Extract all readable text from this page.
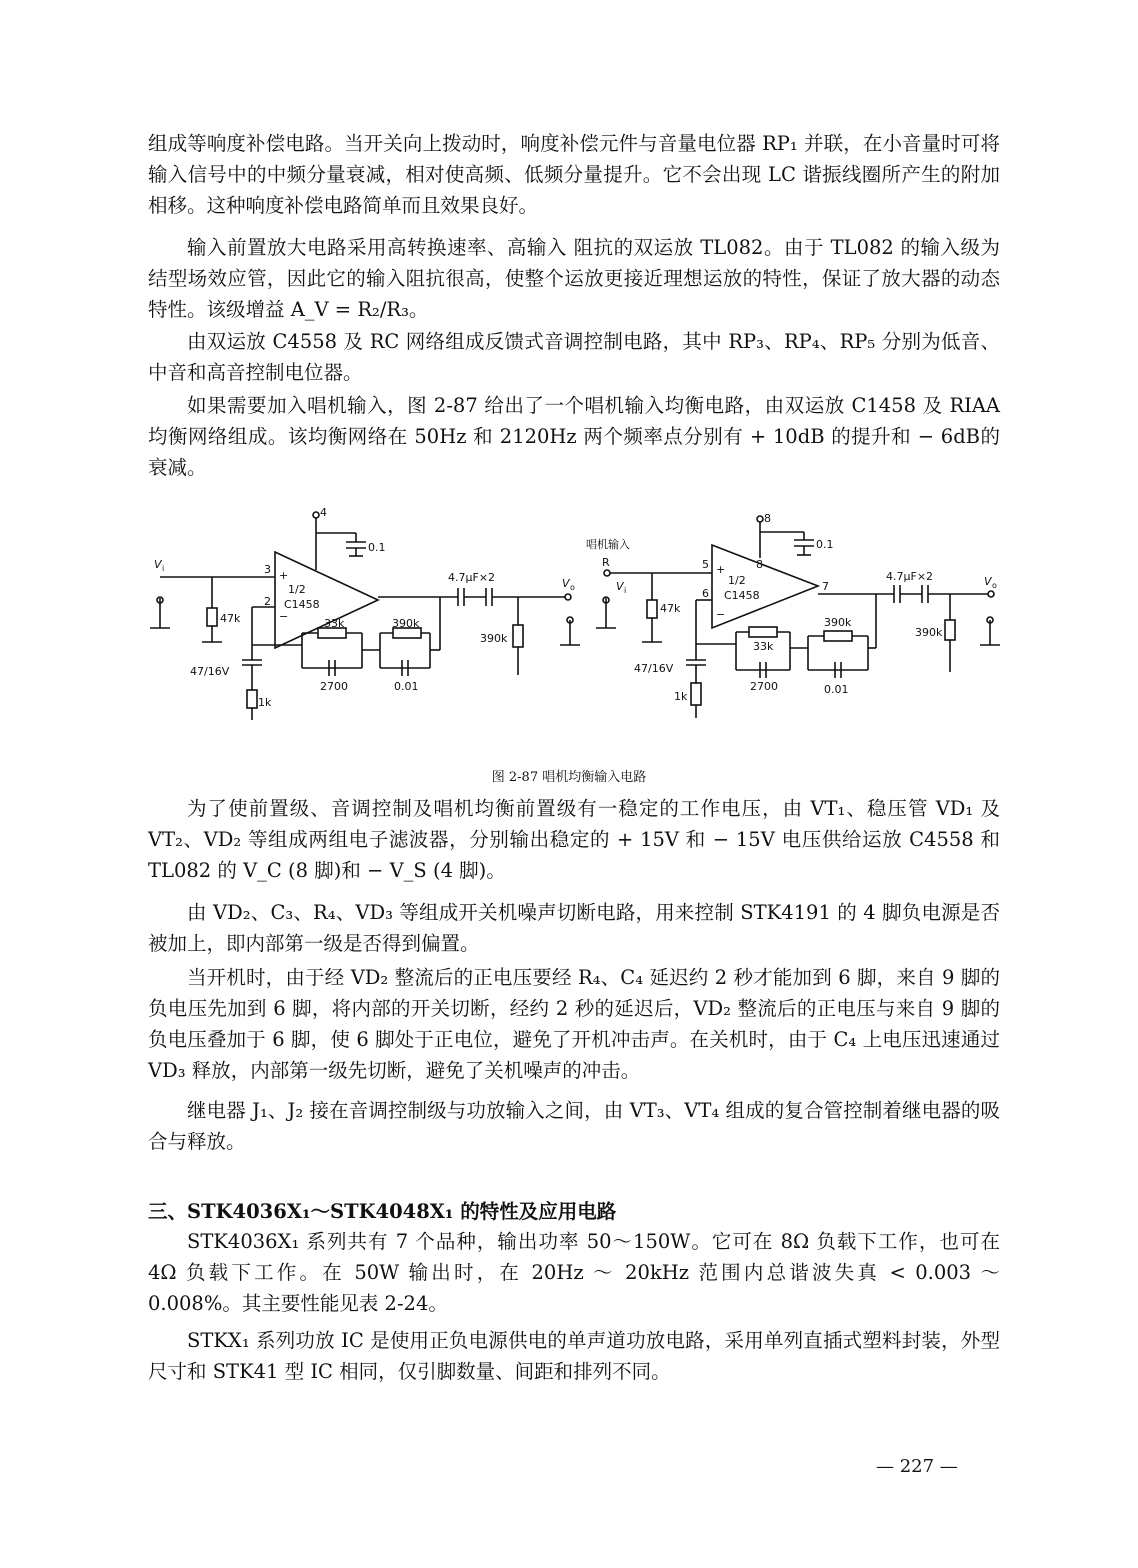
组成等响度补偿电路。当开关向上拨动时，响度补偿元件与音量电位器 RP₁ 并联，在小音量时可将输入信号中的中频分量衰减，相对使高频、低频分量提升。它不会出现 LC 谐振线圈所产生的附加相移。这种响度补偿电路简单而且效果良好。

输入前置放大电路采用高转换速率、高输入 阻抗的双运放 TL082。由于 TL082 的输入级为结型场效应管，因此它的输入阻抗很高，使整个运放更接近理想运放的特性，保证了放大器的动态特性。该级增益 A_V = R₂/R₃。

由双运放 C4558 及 RC 网络组成反馈式音调控制电路，其中 RP₃、RP₄、RP₅ 分别为低音、中音和高音控制电位器。

如果需要加入唱机输入，图 2-87 给出了一个唱机输入均衡电路，由双运放 C1458 及 RIAA均衡网络组成。该均衡网络在 50Hz 和 2120Hz 两个频率点分别有 + 10dB 的提升和 − 6dB的衰减。

V i
4
0.1
3
2
+
−
1/2
C1458
47k
47/16V
1k
33k	390k
2700	0.01
4.7μF×2
390k
V o
唱机输入
R
V i
8
0.1
5
6
7
8
+
−
1/2
C1458
47k
47/16V
1k
33k
390k
2700	0.01
4.7μF×2
390k
V o
图 2-87 唱机均衡输入电路

为了使前置级、音调控制及唱机均衡前置级有一稳定的工作电压，由 VT₁、稳压管 VD₁ 及 VT₂、VD₂ 等组成两组电子滤波器，分别输出稳定的 + 15V 和 − 15V 电压供给运放 C4558 和 TL082 的 V_C (8 脚)和 − V_S (4 脚)。

由 VD₂、C₃、R₄、VD₃ 等组成开关机噪声切断电路，用来控制 STK4191 的 4 脚负电源是否被加上，即内部第一级是否得到偏置。

当开机时，由于经 VD₂ 整流后的正电压要经 R₄、C₄ 延迟约 2 秒才能加到 6 脚，来自 9 脚的负电压先加到 6 脚，将内部的开关切断，经约 2 秒的延迟后，VD₂ 整流后的正电压与来自 9 脚的负电压叠加于 6 脚，使 6 脚处于正电位，避免了开机冲击声。在关机时，由于 C₄ 上电压迅速通过 VD₃ 释放，内部第一级先切断，避免了关机噪声的冲击。

继电器 J₁、J₂ 接在音调控制级与功放输入之间，由 VT₃、VT₄ 组成的复合管控制着继电器的吸合与释放。

三、STK4036X₁～STK4048X₁ 的特性及应用电路

STK4036X₁ 系列共有 7 个品种，输出功率 50～150W。它可在 8Ω 负载下工作，也可在 4Ω 负载下工作。在 50W 输出时，在 20Hz ～ 20kHz 范围内总谐波失真 < 0.003 ～ 0.008%。其主要性能见表 2-24。

STKX₁ 系列功放 IC 是使用正负电源供电的单声道功放电路，采用单列直插式塑料封装，外型尺寸和 STK41 型 IC 相同，仅引脚数量、间距和排列不同。

— 227 —
